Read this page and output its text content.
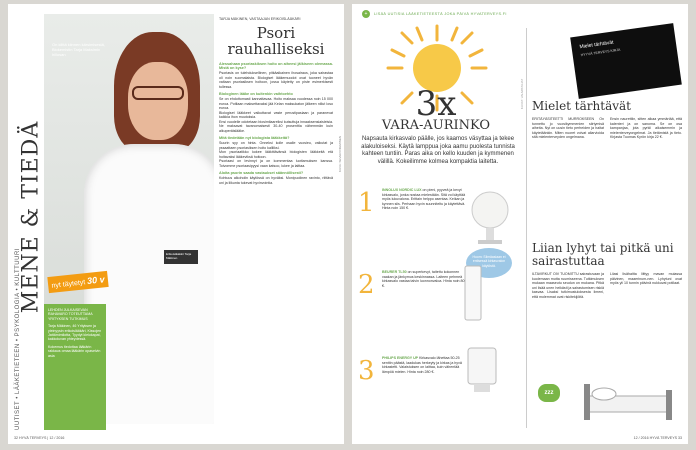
MENE & TIEDÄ
UUTISET • LÄÄKETIETEEN • PSYKOLOGIA • KULTTUURI	Erikoislääkäri Tarja Mäkinen
On kilttä kiinnen kärsimisestä, Biokemistin Tarja Maksimiv hillosan
nyt täytetyt 30 v

LEHDEN JULKAISEVAN RAHAVARO TOTEUTTAMA YRITYKSEN TUTKIMUS

Tarja Mäkinen, 46 Yrityksen ja yleinyysin erikoislääkäri, Kissojen Jattämimilotta, Tyydyt kleiokapat, kakkoluvan yhteydessä.

Kokemus tiedottaa lääkärin rakkaus omaa lääkärin opaselvin asia

TARJA MÄKINEN, VASTAAJAN ERIKOISLÄÄKÄRI
Psori rauhalliseksi
Alessahaan psoriaskiksen hoito on aiheesi jälkiseen olemassa. Mistä on kyse?

Psoriasis on tulehduksellinen, pitkäaikainen ihosairaus, joka sairastaa oli noin suomalaista. Biologiset lääkemuodot ovat tuoneet hyvän valtaan psoriasiksen hoitoon, jossa käytetty on piste esimerkisesti tullessa.

Biologinen lääke on kuitenkin vaihtoehto

Se on ehdottomasti kannattavaa. Hoito maksaa vuodessa noin 15 000 euroa. Potilaan maksettavaksi jää Kelan maksukaton jälkeen niilut loso euroa.

Biologiset lääkkeet vaikuttavat vaste perustipasiaan ja paranevat kaikkia ihon muutoksia.

Ensi vuodelle odotetaan biosimilaareiksi kutsuttuja innaaksensiaisleisia. Ne maksavat tavanomaisesti 30-40 prosenttia vähemmän kuin alkuperäislääke.

Mitä tiedetään nyt biologista lääkkeitä?

Suurin syy on hinta. Onneksi kolle osalle vuosieu, vaikutat ja yssaattaen psoriasiksen hoito kalliiksi.

Mon psoriaatikko kokee lääkittävänsä biologisten lääkkeitä etä hoitavaksi lääkeviksä hoitoon.

Psoriaasi on levinnyt ja on kommentaa luottamuksen kanssa. Toivomme psoriaasipyysi vaan katsoo, lukee ja laittaa.

Aloita psorin saada vastaukset säännöllisesti?

Kohtuus alkoholin käytössä on hyväksi. Monipuolinen ravinto, riittävä uni ja liikunta tukevat hyvinvointia.

KUVA: SEVERI NIEMINEN
32 HYVÄ TERVEYS | 12 / 2016
+	LISÄÄ UUTISIA LÄÄKETIETEESTÄ JOKA PÄIVÄ HYVATERVEYS.FI
3x
VARA-AURINKO

Napsauta kirkasvalo päälle, jos kaamos väsyttaa ja tekee alakuloiseksi. Käytä lamppua joka aamu puolesta tunnista kahteen tuntiin. Paras aika on kello kuuden ja kymmenen välillä. Kokeilimme kolmea kompaktia laitetta.

1 INNOLUX NORDIC LUX on pieni, pyyveä ja kevyt kirkasvalo, jonka nostaa mielestään. Sitä voi käyttää myös lukuvalona. Erittain helppo asentaa. Keikan ja kynnen siis. Perhaan hyvin suunniteltu ja käytettävä. Hinta noin 150 €.

2 BEURER TL50 on superkevyt, taitettu kokonnen vaakan ja jänkymus keskinnassa. Laiteen pehmeä kirkasvalo vastaa talvin luonnonvaloa. Hinta noin 80 €.

3 PHILIPS ENERGY UP Kirkasvalo lähettaa 50-25 senttin päästä, laadukas herkeyty ja kirkas ja hyvä kirkastetti. Valaistuksen on laittaa, kuin vähentää lämpöä mielen. Hinta noin 280 €.

Huom: Silmäasiaan ei entisessä kirkasvalon käytöstä.
KUVAT: VALMISTAJAT
Mielet tärhtävät
HYYVÄ TERVEYS KIRJA
Mielet tärhtävät

ERITÄYÄSITEETTI MURROKSEEN On tunnettu jo vuosikymmenien siirtymisä aiheita. Nyt on uusin tieto perheiden ja haitat käytetäänkin. Miten nuoret voivat aliarvioida sitä mielenterveyden ongelmana.

Ensin naurettiin, sitten aikaa ymmärtää, että kalenteri ja on sanoma. Se on osa kampanjaa, jota pyrkii aikaisemmin ja mielenterveyongelmat. Ja tietämistä ja tieto. Kirjasta Tuomas Kyrön kirja 22 €.

Liian lyhyt tai pitkä uni sairastuttaa

ILTAVIRKUT OIV TUOMITTU sairastuvaan ja kuolemaan mutta ruumisseena. Tutkimuksen mukaan maaseutu seudun on mukana. Pitkä uni lisää unen heikästi ja sairastumisen riskiä kasvaa. Lisaksi tutkimustuloksesta ilmeni, että molemmat ovat riskitekijöitä.

Liiasi lisähaitta liittyy mavan muiassa päivinen, maaerinum-nen. Lyhytuni ovat myös yli 10 tunnin päivinä nukkuvat potilaat.

zzz
12 / 2016 HYVÄ TERVEYS 33
